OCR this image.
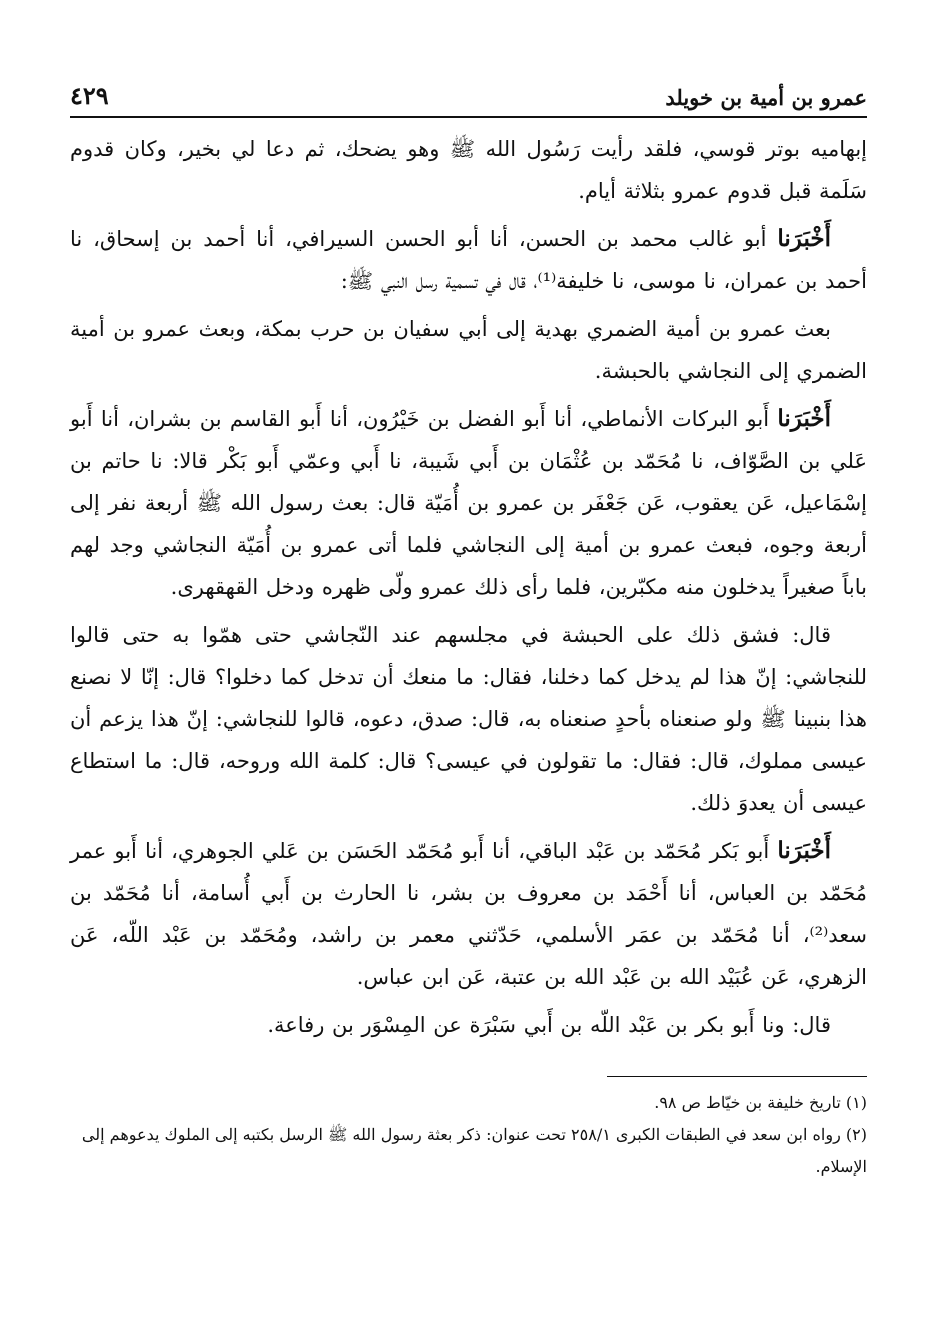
عمرو بن أمية بن خويلد
٤٢٩

إبهاميه بوتر قوسي، فلقد رأيت رَسُول الله ﷺ وهو يضحك، ثم دعا لي بخير، وكان قدوم سَلَمة قبل قدوم عمرو بثلاثة أيام.

أَخْبَرَنا أبو غالب محمد بن الحسن، أنا أبو الحسن السيرافي، أنا أحمد بن إسحاق، نا أحمد بن عمران، نا موسى، نا خليفة⁽¹⁾، قال في تسمية رسل النبي ﷺ:

بعث عمرو بن أمية الضمري بهدية إلى أبي سفيان بن حرب بمكة، وبعث عمرو بن أمية الضمري إلى النجاشي بالحبشة.

أَخْبَرَنا أَبو البركات الأنماطي، أنا أَبو الفضل بن خَيْرُون، أنا أَبو القاسم بن بشران، أنا أَبو عَلي بن الصَّوّاف، نا مُحَمّد بن عُثْمَان بن أَبي شَيبة، نا أَبي وعمّي أَبو بَكْر قالا: نا حاتم بن إسْمَاعيل، عَن يعقوب، عَن جَعْفَر بن عمرو بن أُمَيّة قال: بعث رسول الله ﷺ أربعة نفر إلى أربعة وجوه، فبعث عمرو بن أمية إلى النجاشي فلما أتى عمرو بن أُمَيّة النجاشي وجد لهم باباً صغيراً يدخلون منه مكبّرين، فلما رأى ذلك عمرو ولّى ظهره ودخل القهقهرى.

قال: فشق ذلك على الحبشة في مجلسهم عند النّجاشي حتى همّوا به حتى قالوا للنجاشي: إنّ هذا لم يدخل كما دخلنا، فقال: ما منعك أن تدخل كما دخلوا؟ قال: إنّا لا نصنع هذا بنبينا ﷺ ولو صنعناه بأحدٍ صنعناه به، قال: صدق، دعوه، قالوا للنجاشي: إنّ هذا يزعم أن عيسى مملوك، قال: فقال: ما تقولون في عيسى؟ قال: كلمة الله وروحه، قال: ما استطاع عيسى أن يعدوَ ذلك.

أَخْبَرَنا أَبو بَكر مُحَمّد بن عَبْد الباقي، أنا أَبو مُحَمّد الحَسَن بن عَلي الجوهري، أنا أَبو عمر مُحَمّد بن العباس، أنا أَحْمَد بن معروف بن بشر، نا الحارث بن أَبي أُسامة، أنا مُحَمّد بن سعد⁽²⁾، أنا مُحَمّد بن عمَر الأسلمي، حَدّثني معمر بن راشد، ومُحَمّد بن عَبْد اللّه، عَن الزهري، عَن عُبَيْد الله بن عَبْد الله بن عتبة، عَن ابن عباس.

قال: ونا أَبو بكر بن عَبْد اللّه بن أَبي سَبْرَة عن المِسْوَر بن رفاعة.

(١) تاريخ خليفة بن خيّاط ص ٩٨.

(٢) رواه ابن سعد في الطبقات الكبرى ٢٥٨/١ تحت عنوان: ذكر بعثة رسول الله ﷺ الرسل بكتبه إلى الملوك يدعوهم إلى الإسلام.
